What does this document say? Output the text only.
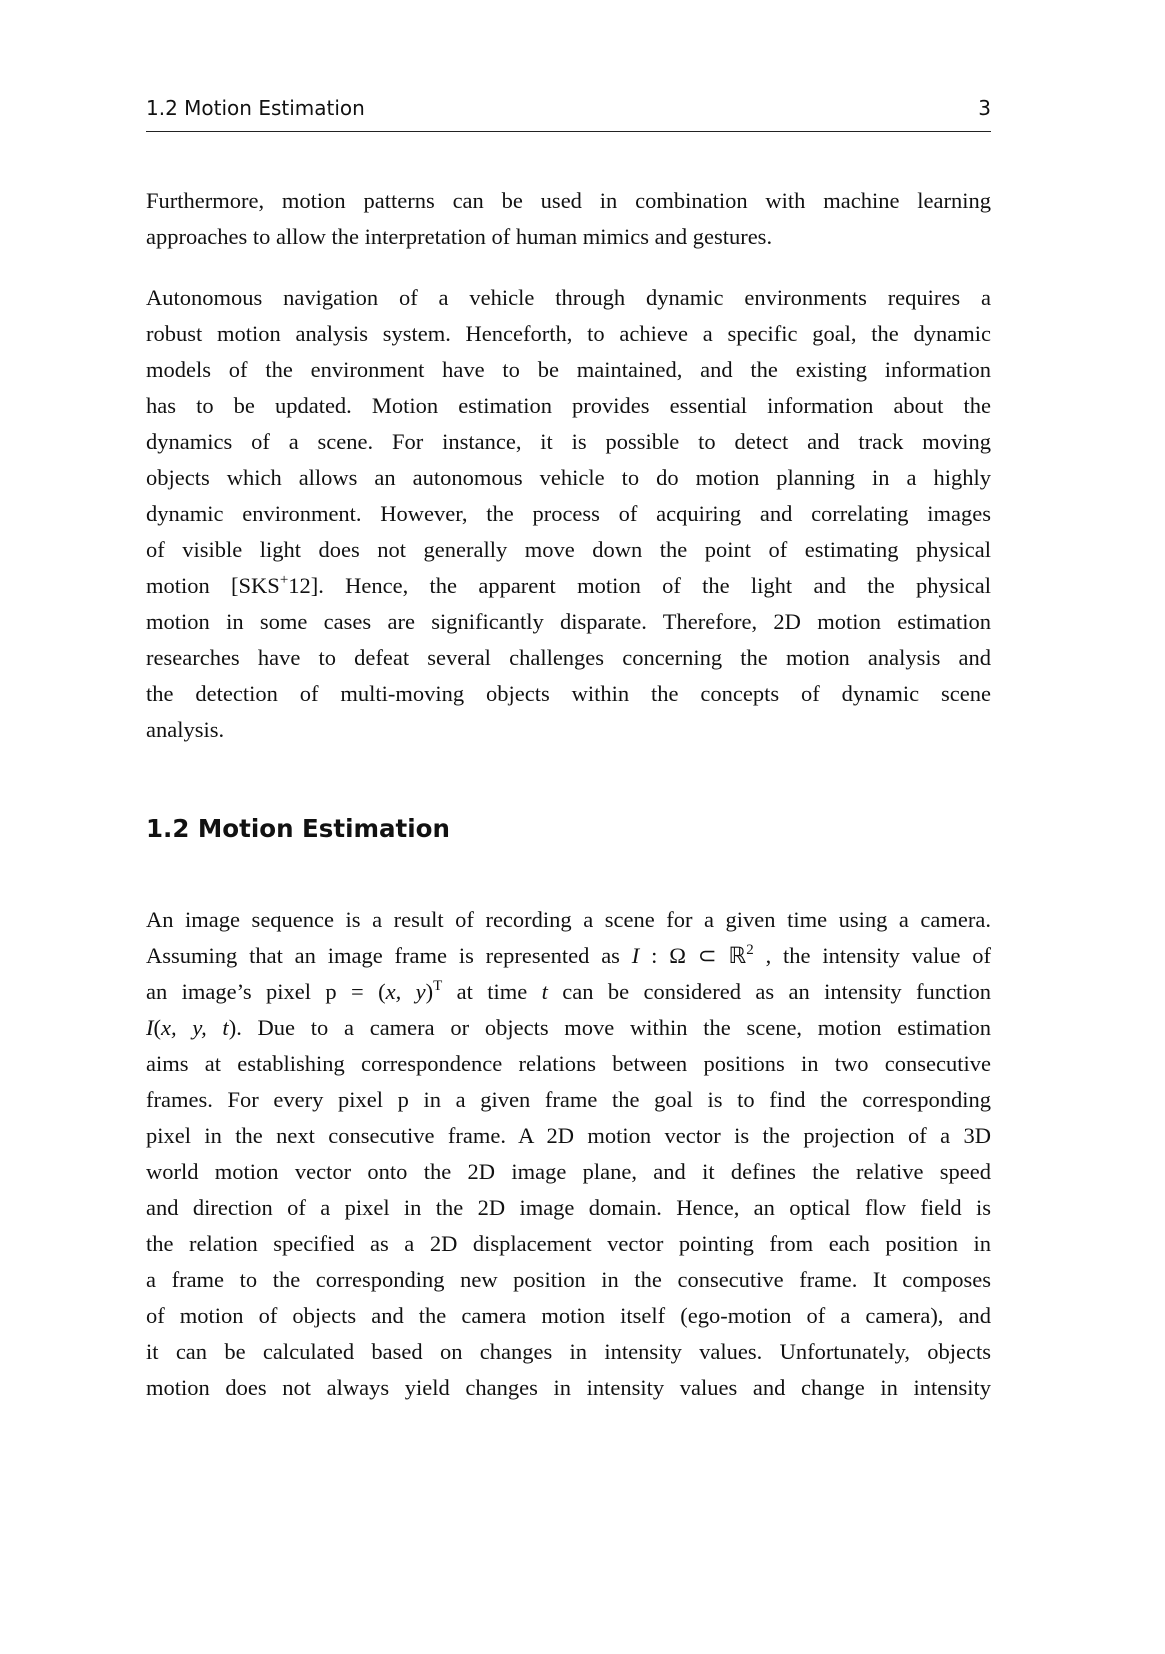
1.2 Motion Estimation	3
Furthermore, motion patterns can be used in combination with machine learning
approaches to allow the interpretation of human mimics and gestures.
Autonomous navigation of a vehicle through dynamic environments requires a
robust motion analysis system. Henceforth, to achieve a specific goal, the dynamic
models of the environment have to be maintained, and the existing information
has to be updated. Motion estimation provides essential information about the
dynamics of a scene. For instance, it is possible to detect and track moving
objects which allows an autonomous vehicle to do motion planning in a highly
dynamic environment. However, the process of acquiring and correlating images
of visible light does not generally move down the point of estimating physical
motion [SKS+12]. Hence, the apparent motion of the light and the physical
motion in some cases are significantly disparate. Therefore, 2D motion estimation
researches have to defeat several challenges concerning the motion analysis and
the detection of multi-moving objects within the concepts of dynamic scene
analysis.
1.2 Motion Estimation
An image sequence is a result of recording a scene for a given time using a camera.
Assuming that an image frame is represented as I : Ω ⊂ ℝ$^2$ , the intensity value of
an image’s pixel p = (x, y)$^T$ at time t can be considered as an intensity function
I(x, y, t). Due to a camera or objects move within the scene, motion estimation
aims at establishing correspondence relations between positions in two consecutive
frames. For every pixel p in a given frame the goal is to find the corresponding
pixel in the next consecutive frame. A 2D motion vector is the projection of a 3D
world motion vector onto the 2D image plane, and it defines the relative speed
and direction of a pixel in the 2D image domain. Hence, an optical flow field is
the relation specified as a 2D displacement vector pointing from each position in
a frame to the corresponding new position in the consecutive frame. It composes
of motion of objects and the camera motion itself (ego-motion of a camera), and
it can be calculated based on changes in intensity values. Unfortunately, objects
motion does not always yield changes in intensity values and change in intensity
